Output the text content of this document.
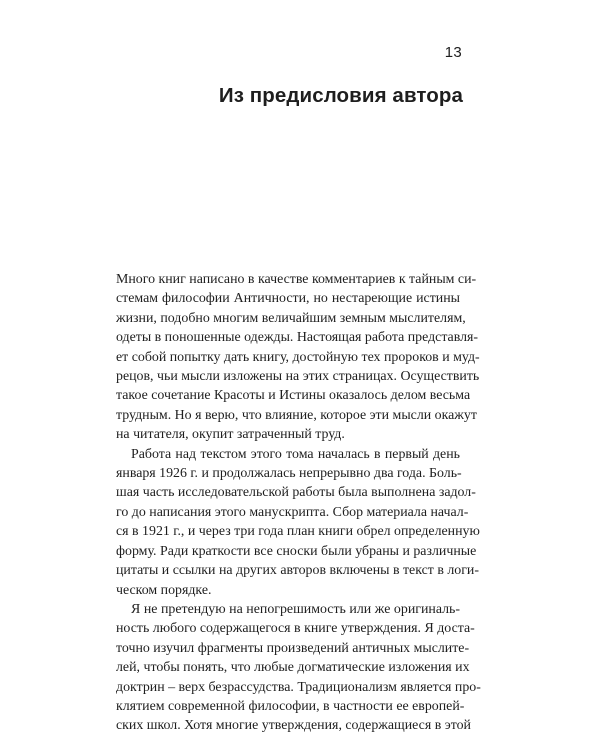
13
Из предисловия автора

Много книг написано в качестве комментариев к тайным си-
стемам философии Античности, но нестареющие истины
жизни, подобно многим величайшим земным мыслителям,
одеты в поношенные одежды. Настоящая работа представля-
ет собой попытку дать книгу, достойную тех пророков и муд-
рецов, чьи мысли изложены на этих страницах. Осуществить
такое сочетание Красоты и Истины оказалось делом весьма
трудным. Но я верю, что влияние, которое эти мысли окажут
на читателя, окупит затраченный труд.

Работа над текстом этого тома началась в первый день
января 1926 г. и продолжалась непрерывно два года. Боль-
шая часть исследовательской работы была выполнена задол-
го до написания этого манускрипта. Сбор материала начал-
ся в 1921 г., и через три года план книги обрел определенную
форму. Ради краткости все сноски были убраны и различные
цитаты и ссылки на других авторов включены в текст в логи-
ческом порядке.

Я не претендую на непогрешимость или же оригиналь-
ность любого содержащегося в книге утверждения. Я доста-
точно изучил фрагменты произведений античных мыслите-
лей, чтобы понять, что любые догматические изложения их
доктрин – верх безрассудства. Традиционализм является про-
клятием современной философии, в частности ее европей-
ских школ. Хотя многие утверждения, содержащиеся в этой
